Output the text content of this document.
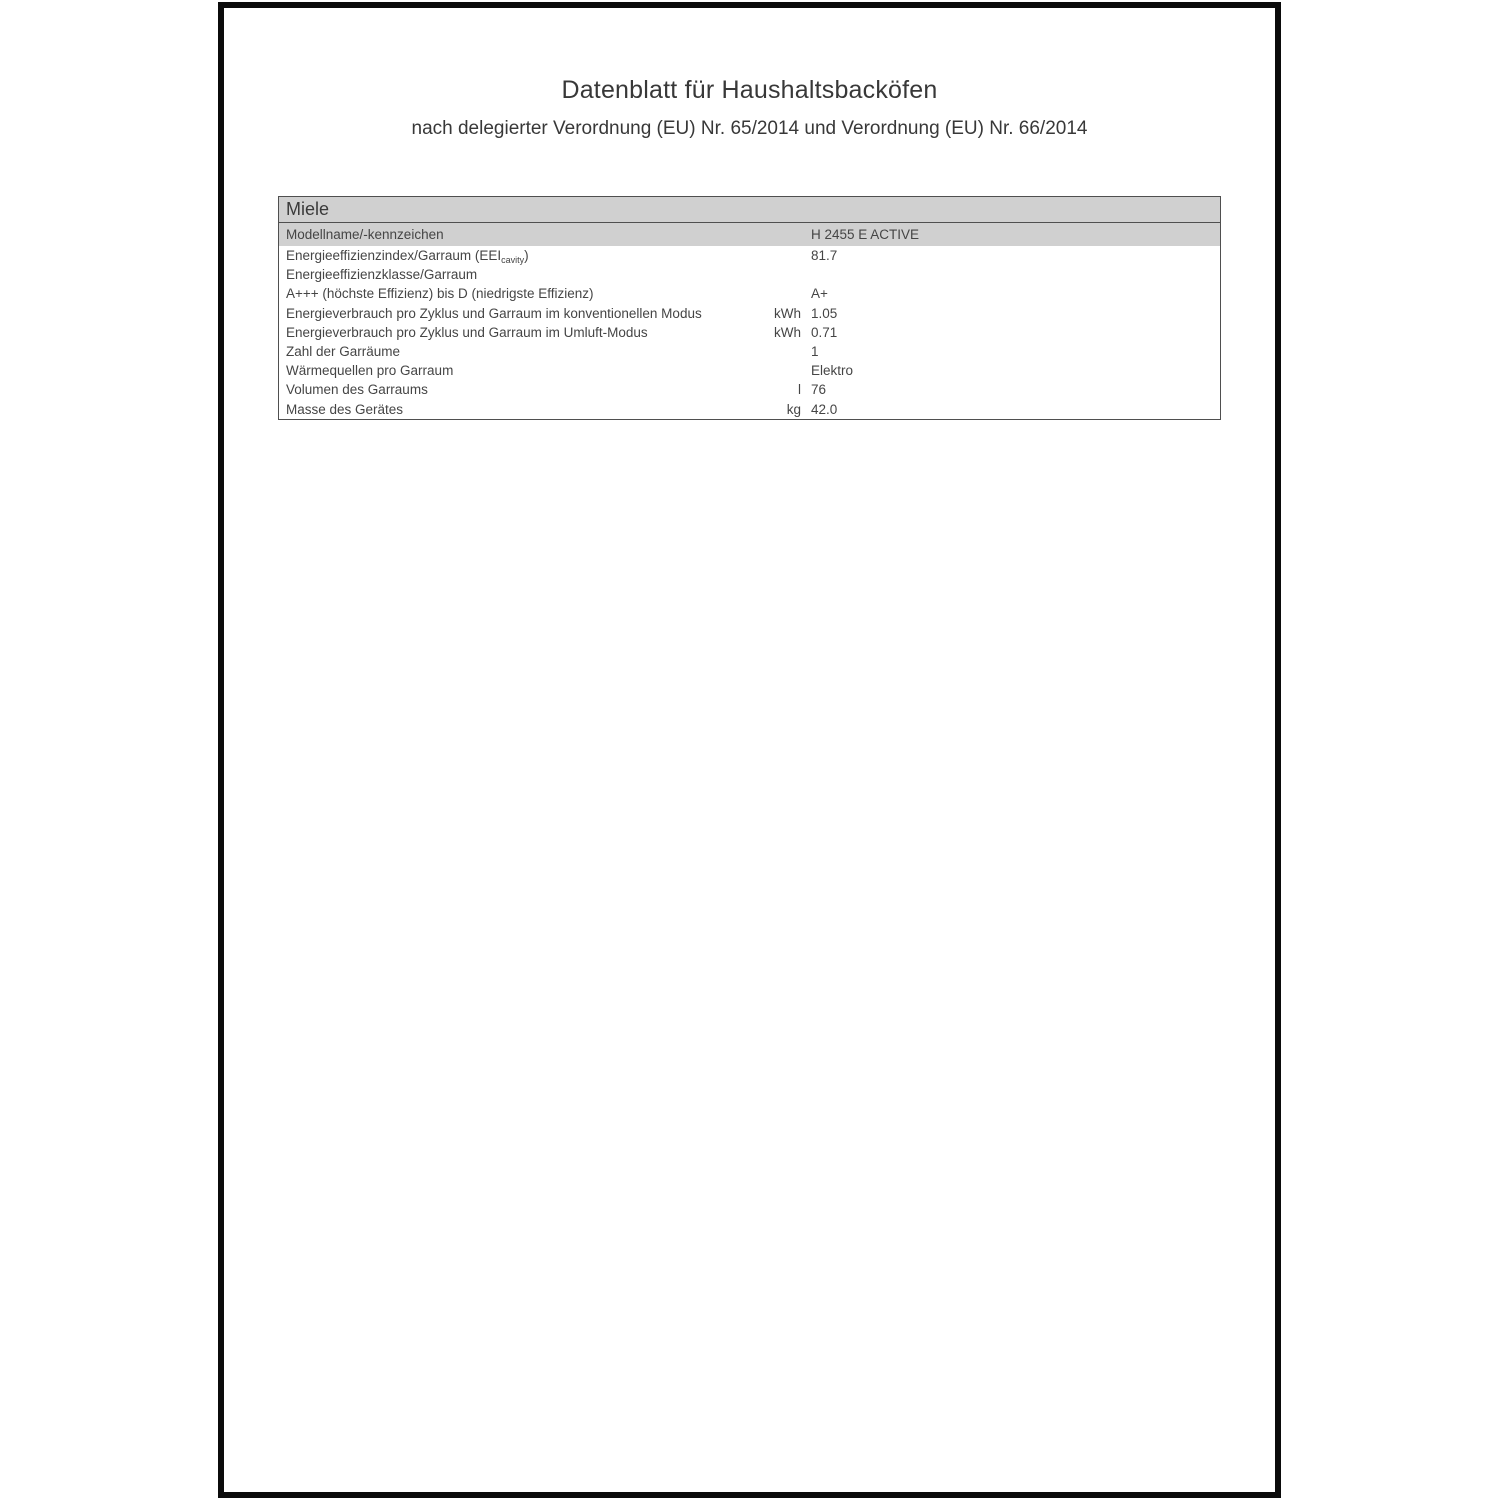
Datenblatt für Haushaltsbacköfen
nach delegierter Verordnung (EU) Nr. 65/2014 und Verordnung (EU) Nr. 66/2014
Miele
Modellname/-kennzeichen	H 2455 E ACTIVE
Energieeffizienzindex/Garraum $(EEI_{cavity})$	81.7
Energieeffizienzklasse/Garraum
A+++ (höchste Effizienz) bis D (niedrigste Effizienz)	A+
Energieverbrauch pro Zyklus und Garraum im konventionellen Modus	kWh 1.05
Energieverbrauch pro Zyklus und Garraum im Umluft-Modus	kWh 0.71
Zahl der Garräume	1
Wärmequellen pro Garraum	Elektro
Volumen des Garraums	l 76
Masse des Gerätes	kg 42.0
